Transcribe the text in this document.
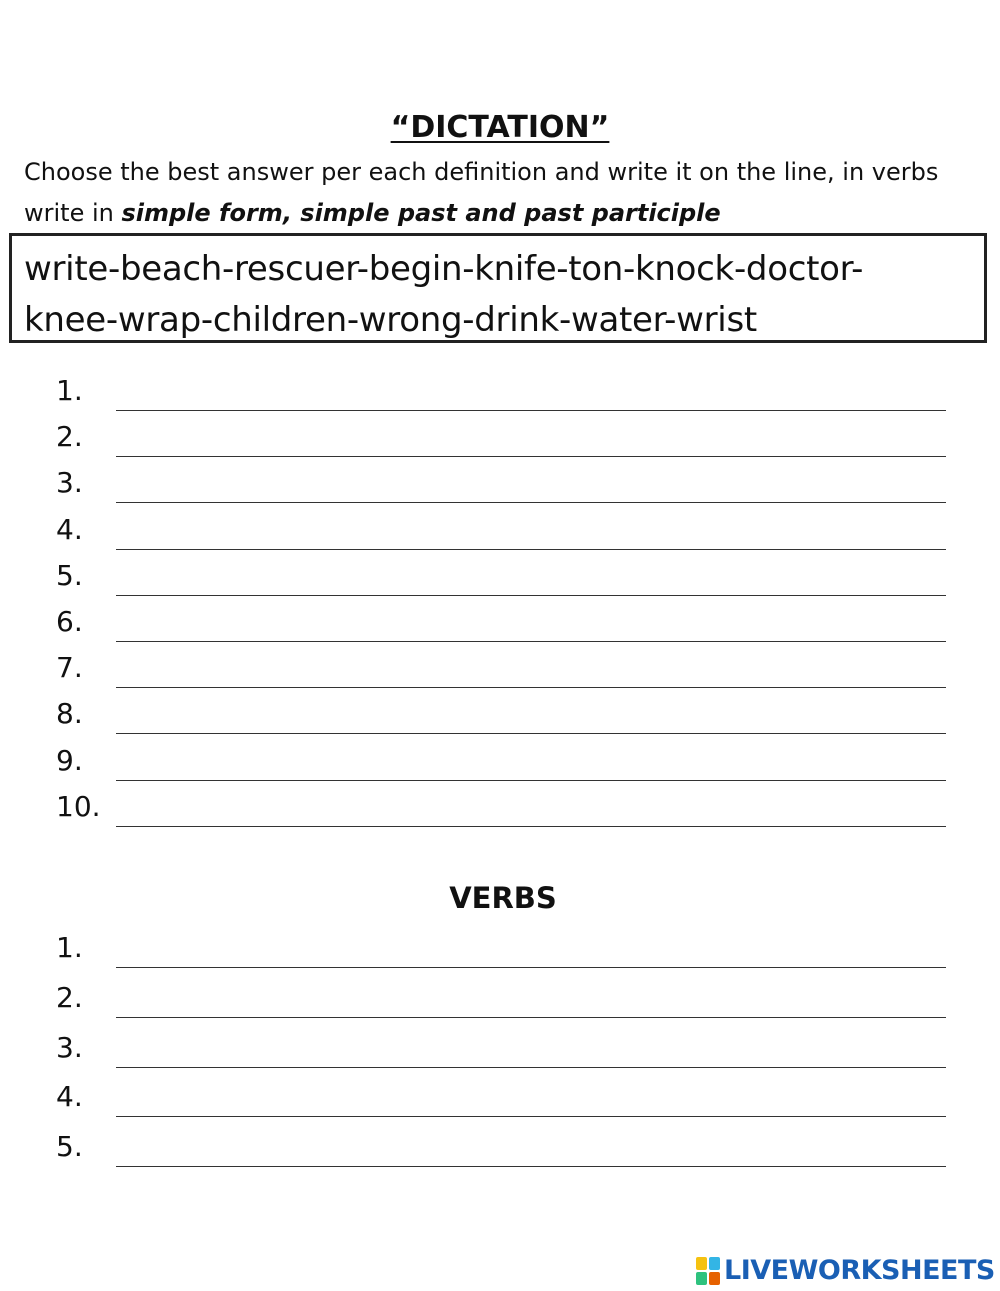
“DICTATION”
Choose the best answer per each definition and write it on the line, in verbs write in simple form, simple past and past participle
write-beach-rescuer-begin-knife-ton-knock-doctor-
knee-wrap-children-wrong-drink-water-wrist
1.
2.
3.
4.
5.
6.
7.
8.
9.
10.
VERBS
1.
2.
3.
4.
5.
LIVEWORKSHEETS
